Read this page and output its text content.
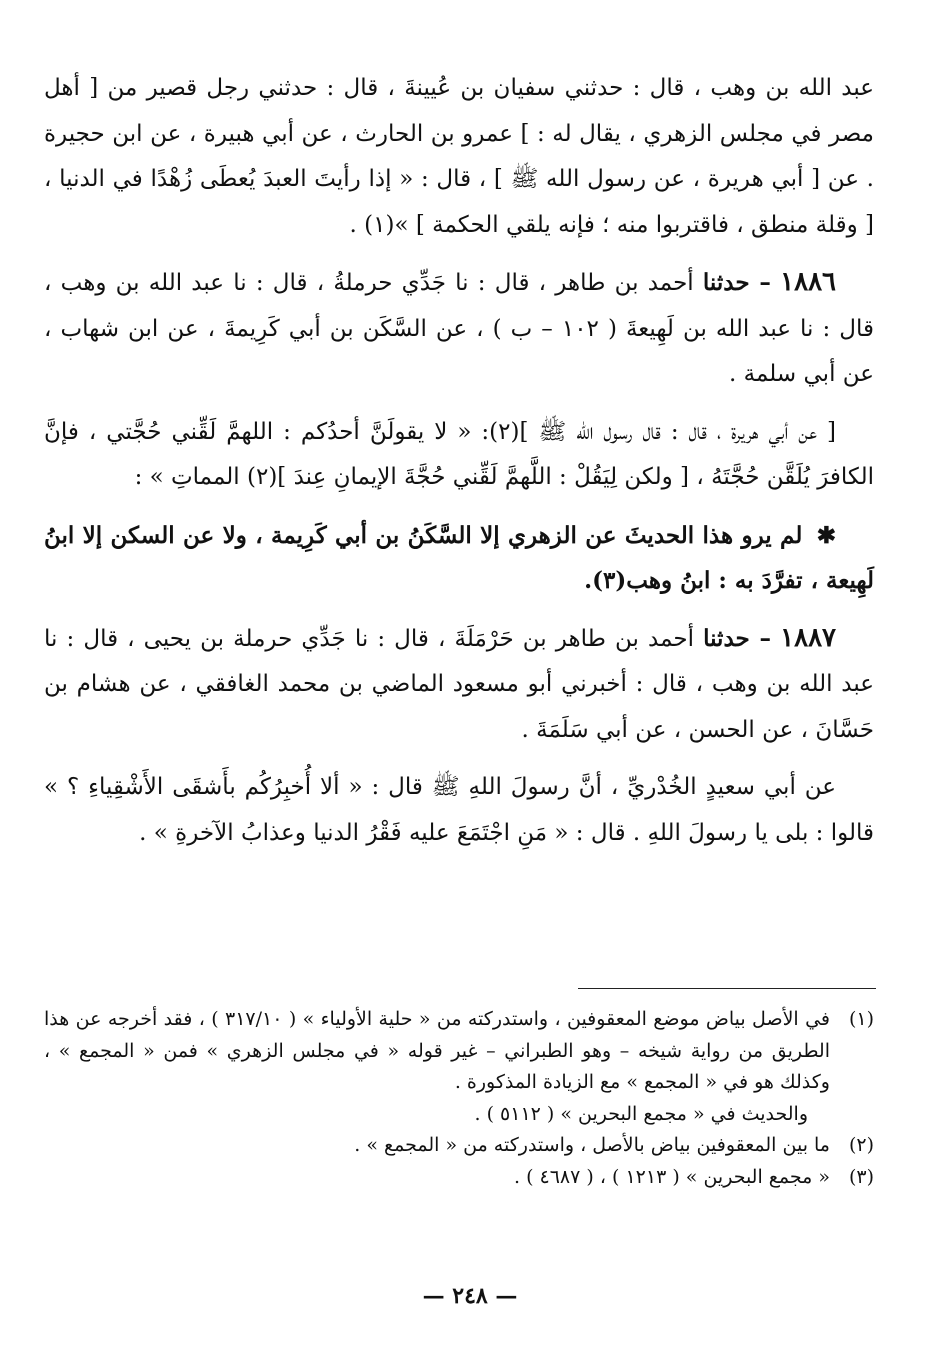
عبد الله بن وهب ، قال : حدثني سفيان بن عُيينةَ ، قال : حدثني رجل قصير من [ أهل مصر في مجلس الزهري ، يقال له : ] عمرو بن الحارث ، عن أبي هبيرة ، عن ابن حجيرة . عن [ أبي هريرة ، عن رسول الله ﷺ ] ، قال : « إذا رأيتَ العبدَ يُعطَى زُهْدًا في الدنيا ، [ وقلة منطق ، فاقتربوا منه ؛ فإنه يلقي الحكمة ] »(١) .

١٨٨٦ – حدثنا أحمد بن طاهر ، قال : نا جَدِّي حرملةُ ، قال : نا عبد الله بن وهب ، قال : نا عبد الله بن لَهِيعةَ ( ١٠٢ – ب ) ، عن السَّكَن بن أبي كَرِيمةَ ، عن ابن شهاب ، عن أبي سلمة .

[ عن أبي هريرة ، قال : قال رسول الله ﷺ ](٢): « لا يقولَنَّ أحدُكم : اللهمَّ لَقِّني حُجَّتي ، فإنَّ الكافرَ يُلَقَّن حُجَّتَهُ ، [ ولكن لِيَقُلْ : اللَّهمَّ لَقِّني حُجَّةَ الإيمانِ عِندَ ](٢) المماتِ » :

✱ لم يرو هذا الحديثَ عن الزهري إلا السَّكَنُ بن أبي كَرِيمة ، ولا عن السكن إلا ابنُ لَهِيعة ، تفرَّدَ به : ابنُ وهب(٣).

١٨٨٧ – حدثنا أحمد بن طاهر بن حَرْمَلَةَ ، قال : نا جَدِّي حرملة بن يحيى ، قال : نا عبد الله بن وهب ، قال : أخبرني أبو مسعود الماضي بن محمد الغافقي ، عن هشام بن حَسَّانَ ، عن الحسن ، عن أبي سَلَمَةَ .

عن أبي سعيدٍ الخُدْريِّ ، أنَّ رسولَ اللهِ ﷺ قال : « ألا أُخبِرُكُم بأَشقَى الأَشْقِياءِ ؟ » قالوا : بلى يا رسولَ اللهِ . قال : « مَنِ اجْتَمَعَ عليه فَقْرُ الدنيا وعذابُ الآخرةِ » .

(١)
في الأصل بياض موضع المعقوفين ، واستدركته من « حلية الأولياء » ( ٣١٧/١٠ ) ، فقد أخرجه عن هذا الطريق من رواية شيخه – وهو الطبراني – غير قوله « في مجلس الزهري » فمن « المجمع » ، وكذلك هو في « المجمع » مع الزيادة المذكورة .
والحديث في « مجمع البحرين » ( ٥١١٢ ) .
(٢)
ما بين المعقوفين بياض بالأصل ، واستدركته من « المجمع » .
(٣)
« مجمع البحرين » ( ١٢١٣ ) ، ( ٤٦٨٧ ) .
— ٢٤٨ —
